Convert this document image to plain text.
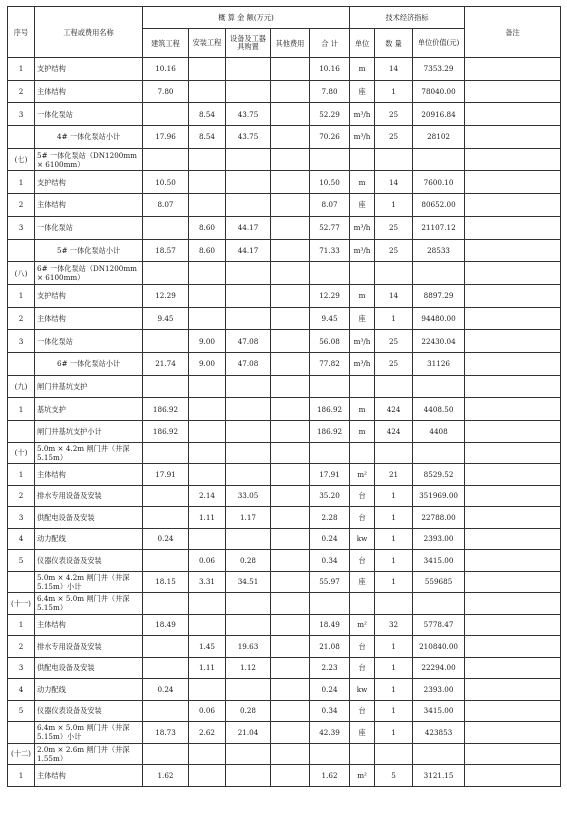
序号	工程或费用名称	概 算 金 额(万元)					技术经济指标			备注
		建筑工程	安装工程	设备及工器具购置	其他费用	合 计	单位	数 量	单位价值(元)	
1	支护结构	10.16				10.16	m	14	7353.29	
2	主体结构	7.80				7.80	座	1	78040.00	
3	一体化泵站		8.54	43.75		52.29	m³/h	25	20916.84	
	4# 一体化泵站小计	17.96	8.54	43.75		70.26	m³/h	25	28102	
(七)	5# 一体化泵站（DN1200mm × 6100mm）									
1	支护结构	10.50				10.50	m	14	7600.10	
2	主体结构	8.07				8.07	座	1	80652.00	
3	一体化泵站		8.60	44.17		52.77	m³/h	25	21107.12	
	5# 一体化泵站小计	18.57	8.60	44.17		71.33	m³/h	25	28533	
(八)	6# 一体化泵站（DN1200mm × 6100mm）									
1	支护结构	12.29				12.29	m	14	8897.29	
2	主体结构	9.45				9.45	座	1	94480.00	
3	一体化泵站		9.00	47.08		56.08	m³/h	25	22430.04	
	6# 一体化泵站小计	21.74	9.00	47.08		77.82	m³/h	25	31126	
(九)	闸门井基坑支护									
1	基坑支护	186.92				186.92	m	424	4408.50	
	闸门井基坑支护小计	186.92				186.92	m	424	4408	
(十)	5.0m × 4.2m 闸门井（井深5.15m）									
1	主体结构	17.91				17.91	m²	21	8529.52	
2	排水专用设备及安装		2.14	33.05		35.20	台	1	351969.00	
3	供配电设备及安装		1.11	1.17		2.28	台	1	22788.00	
4	动力配线	0.24				0.24	kw	1	2393.00	
5	仪器仪表设备及安装		0.06	0.28		0.34	台	1	3415.00	
	5.0m × 4.2m 闸门井（井深5.15m）小计	18.15	3.31	34.51		55.97	座	1	559685	
(十一)	6.4m × 5.0m 闸门井（井深5.15m）									
1	主体结构	18.49				18.49	m²	32	5778.47	
2	排水专用设备及安装		1.45	19.63		21.08	台	1	210840.00	
3	供配电设备及安装		1.11	1.12		2.23	台	1	22294.00	
4	动力配线	0.24				0.24	kw	1	2393.00	
5	仪器仪表设备及安装		0.06	0.28		0.34	台	1	3415.00	
	6.4m × 5.0m 闸门井（井深5.15m）小计	18.73	2.62	21.04		42.39	座	1	423853	
(十二)	2.0m × 2.6m 闸门井（井深1.55m）									
1	主体结构	1.62				1.62	m²	5	3121.15	
